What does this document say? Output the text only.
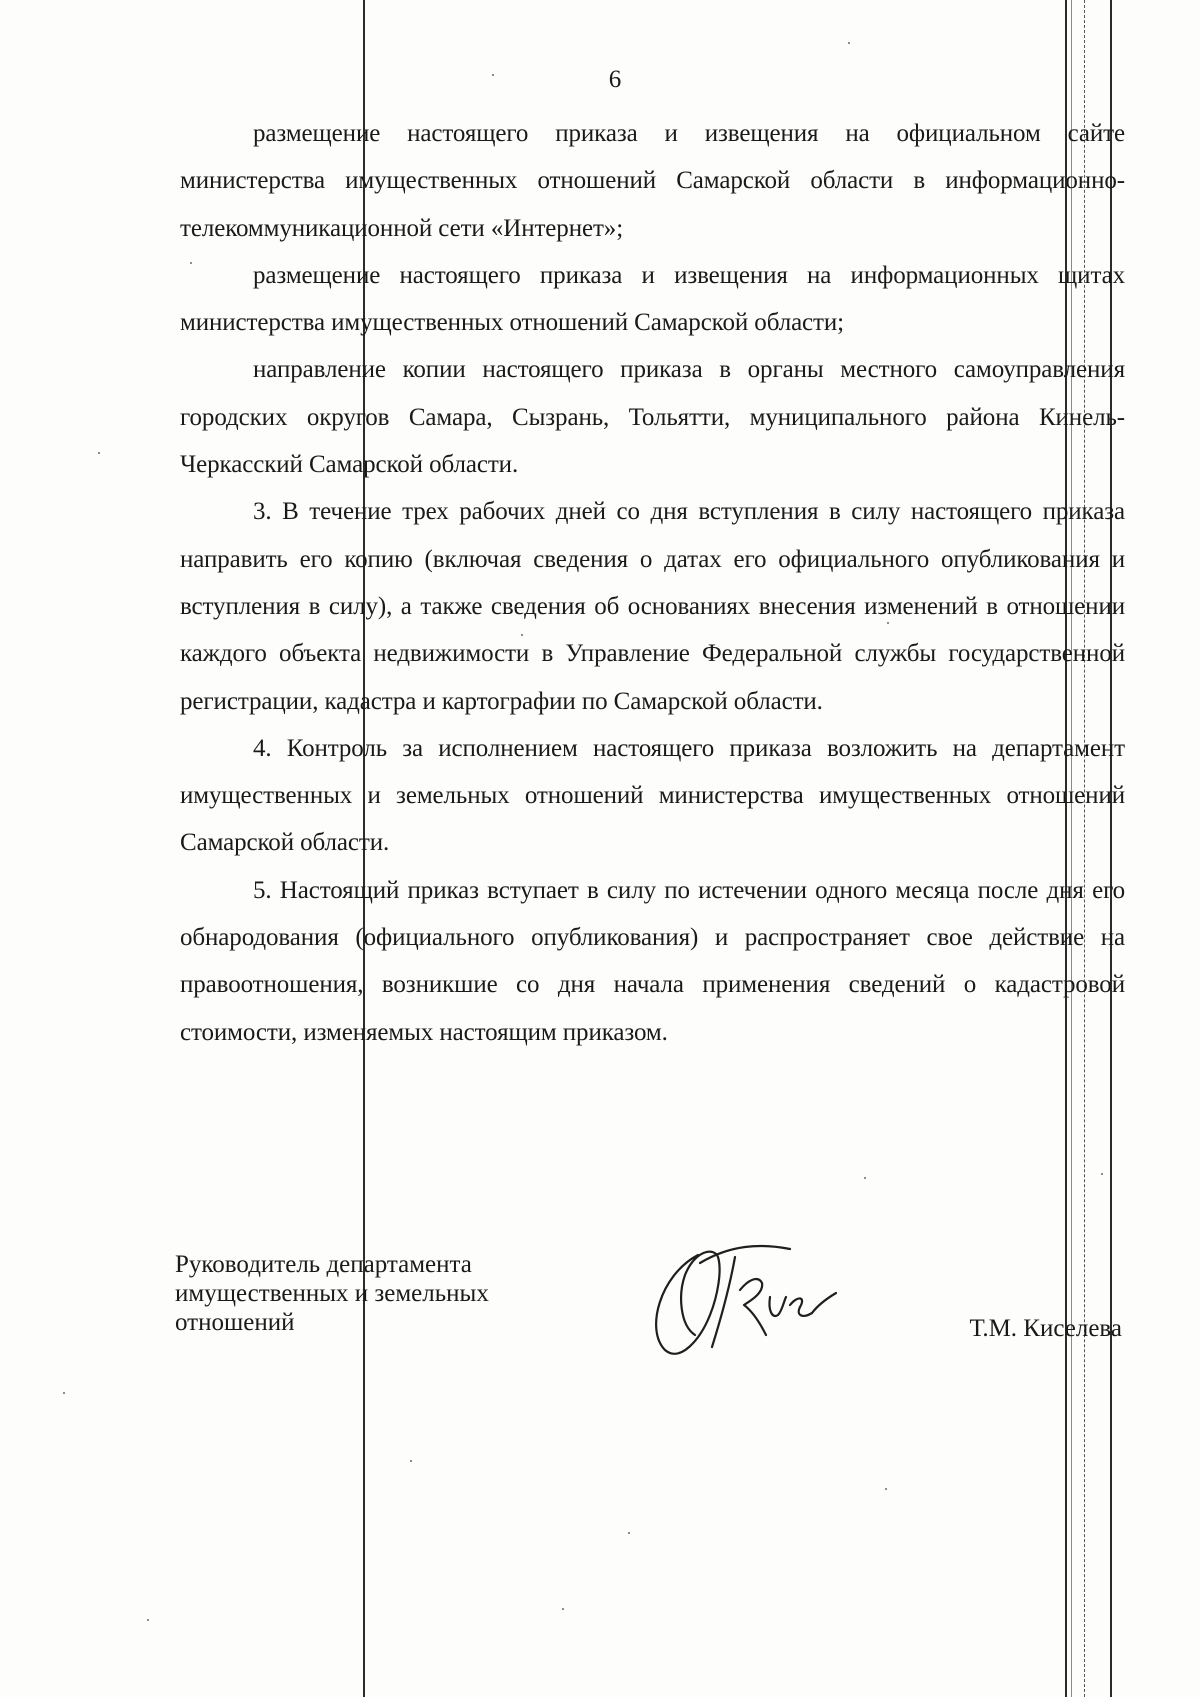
6

размещение настоящего приказа и извещения на официальном сайте министерства имущественных отношений Самарской области в информационно-телекоммуникационной сети «Интернет»;

размещение настоящего приказа и извещения на информационных щитах министерства имущественных отношений Самарской области;

направление копии настоящего приказа в органы местного самоуправления городских округов Самара, Сызрань, Тольятти, муниципального района Кинель-Черкасский Самарской области.

3. В течение трех рабочих дней со дня вступления в силу настоящего приказа направить его копию (включая сведения о датах его официального опубликования и вступления в силу), а также сведения об основаниях внесения изменений в отношении каждого объекта недвижимости в Управление Федеральной службы государственной регистрации, кадастра и картографии по Самарской области.

4. Контроль за исполнением настоящего приказа возложить на департамент имущественных и земельных отношений министерства имущественных отношений Самарской области.

5. Настоящий приказ вступает в силу по истечении одного месяца после дня его обнародования (официального опубликования) и распространяет свое действие на правоотношения, возникшие со дня начала применения сведений о кадастровой стоимости, изменяемых настоящим приказом.

Руководитель департамента
имущественных и земельных
отношений	Т.М. Киселева
